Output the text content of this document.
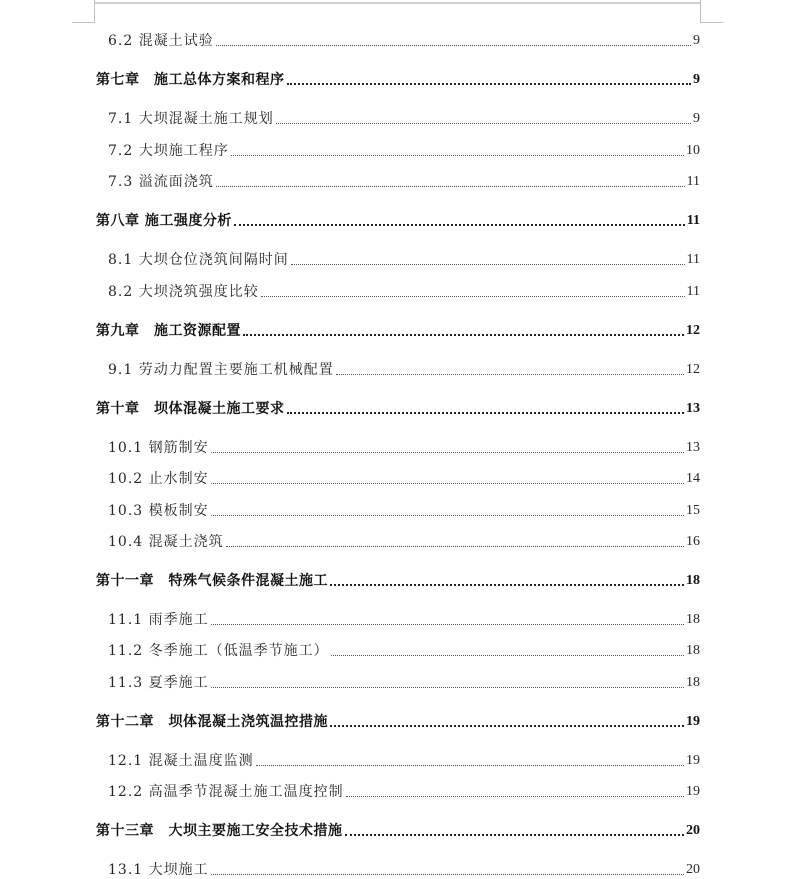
6.2 混凝土试验	9
第七章　施工总体方案和程序	9
7.1 大坝混凝土施工规划	9
7.2 大坝施工程序	10
7.3 溢流面浇筑	11
第八章 施工强度分析	11
8.1 大坝仓位浇筑间隔时间	11
8.2 大坝浇筑强度比较	11
第九章　施工资源配置	12
9.1 劳动力配置主要施工机械配置	12
第十章　坝体混凝土施工要求	13
10.1 钢筋制安	13
10.2 止水制安	14
10.3 模板制安	15
10.4 混凝土浇筑	16
第十一章　特殊气候条件混凝土施工	18
11.1 雨季施工	18
11.2 冬季施工（低温季节施工）	18
11.3 夏季施工	18
第十二章　坝体混凝土浇筑温控措施	19
12.1 混凝土温度监测	19
12.2 高温季节混凝土施工温度控制	19
第十三章　大坝主要施工安全技术措施	20
13.1 大坝施工	20
